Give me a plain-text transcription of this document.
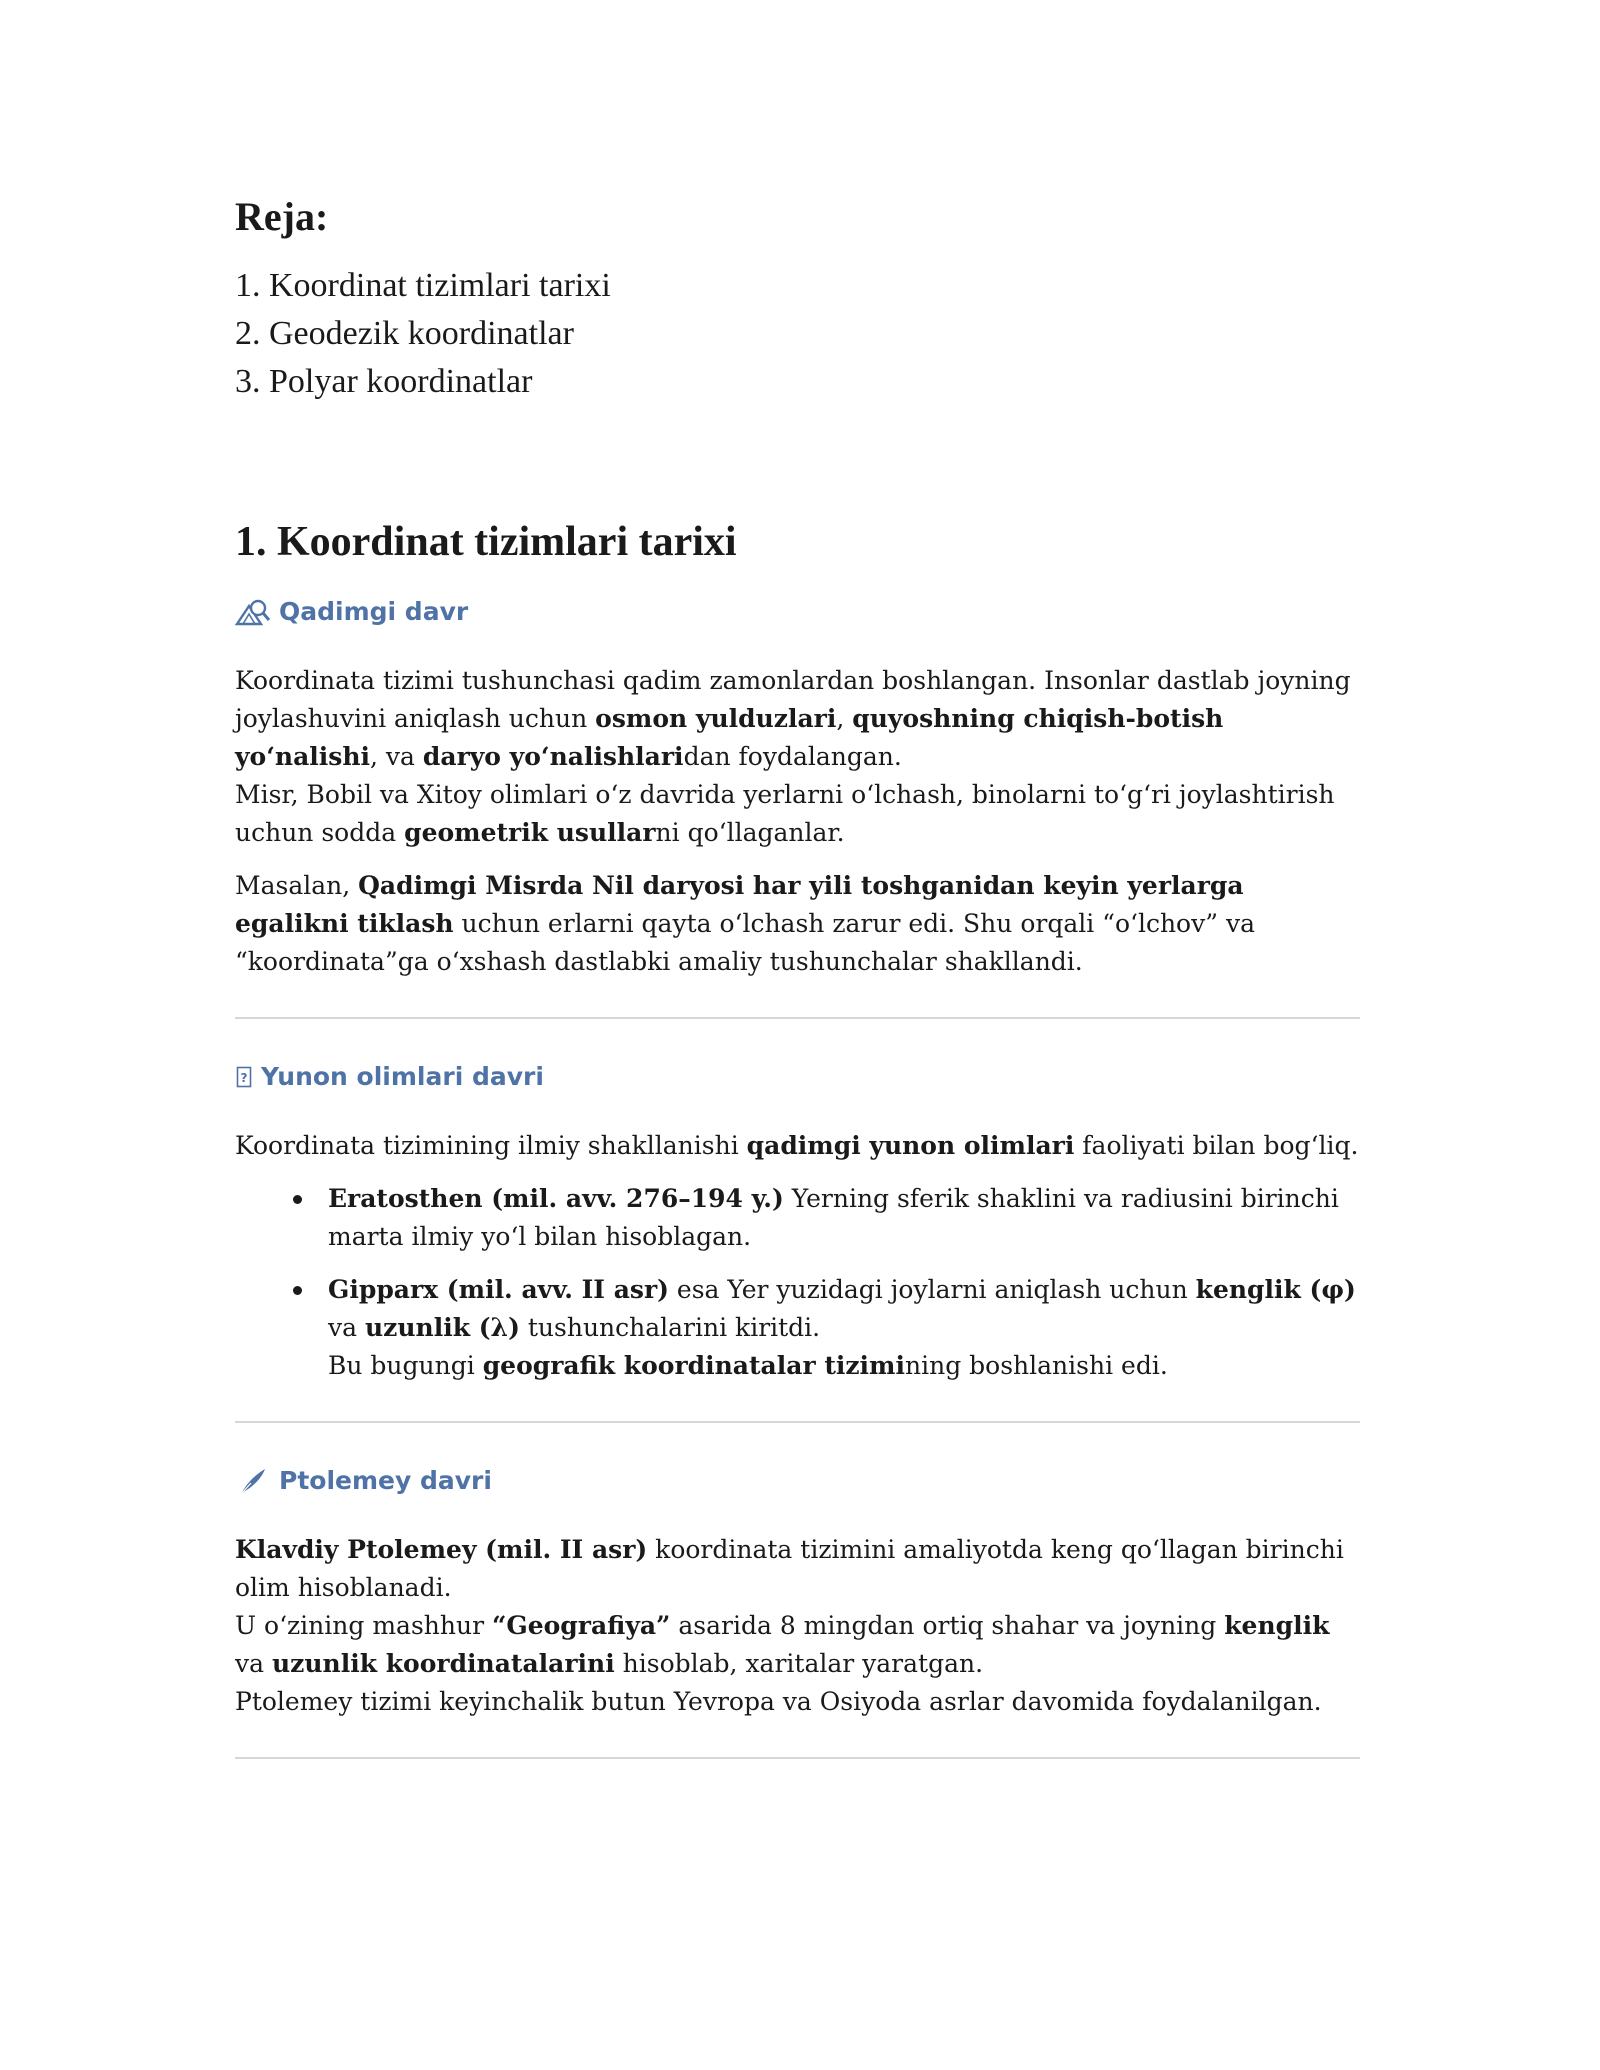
Reja:
1. Koordinat tizimlari tarixi
2. Geodezik koordinatlar
3. Polyar koordinatlar
1. Koordinat tizimlari tarixi
Qadimgi davr

Koordinata tizimi tushunchasi qadim zamonlardan boshlangan. Insonlar dastlab joyning joylashuvini aniqlash uchun osmon yulduzlari, quyoshning chiqish-botish yo‘nalishi, va daryo yo‘nalishlaridan foydalangan.

Misr, Bobil va Xitoy olimlari o‘z davrida yerlarni o‘lchash, binolarni to‘g‘ri joylashtirish uchun sodda geometrik usullarni qo‘llaganlar.

Masalan, Qadimgi Misrda Nil daryosi har yili toshganidan keyin yerlarga egalikni tiklash uchun erlarni qayta o‘lchash zarur edi. Shu orqali “o‘lchov” va “koordinata”ga o‘xshash dastlabki amaliy tushunchalar shakllandi.

? Yunon olimlari davri

Koordinata tizimining ilmiy shakllanishi qadimgi yunon olimlari faoliyati bilan bog‘liq.

Eratosthen (mil. avv. 276–194 y.) Yerning sferik shaklini va radiusini birinchi marta ilmiy yo‘l bilan hisoblagan.
Gipparx (mil. avv. II asr) esa Yer yuzidagi joylarni aniqlash uchun kenglik (φ) va uzunlik (λ) tushunchalarini kiritdi.
Bu bugungi geografik koordinatalar tizimining boshlanishi edi.
Ptolemey davri

Klavdiy Ptolemey (mil. II asr) koordinata tizimini amaliyotda keng qo‘llagan birinchi olim hisoblanadi.

U o‘zining mashhur “Geografiya” asarida 8 mingdan ortiq shahar va joyning kenglik va uzunlik koordinatalarini hisoblab, xaritalar yaratgan.

Ptolemey tizimi keyinchalik butun Yevropa va Osiyoda asrlar davomida foydalanilgan.
